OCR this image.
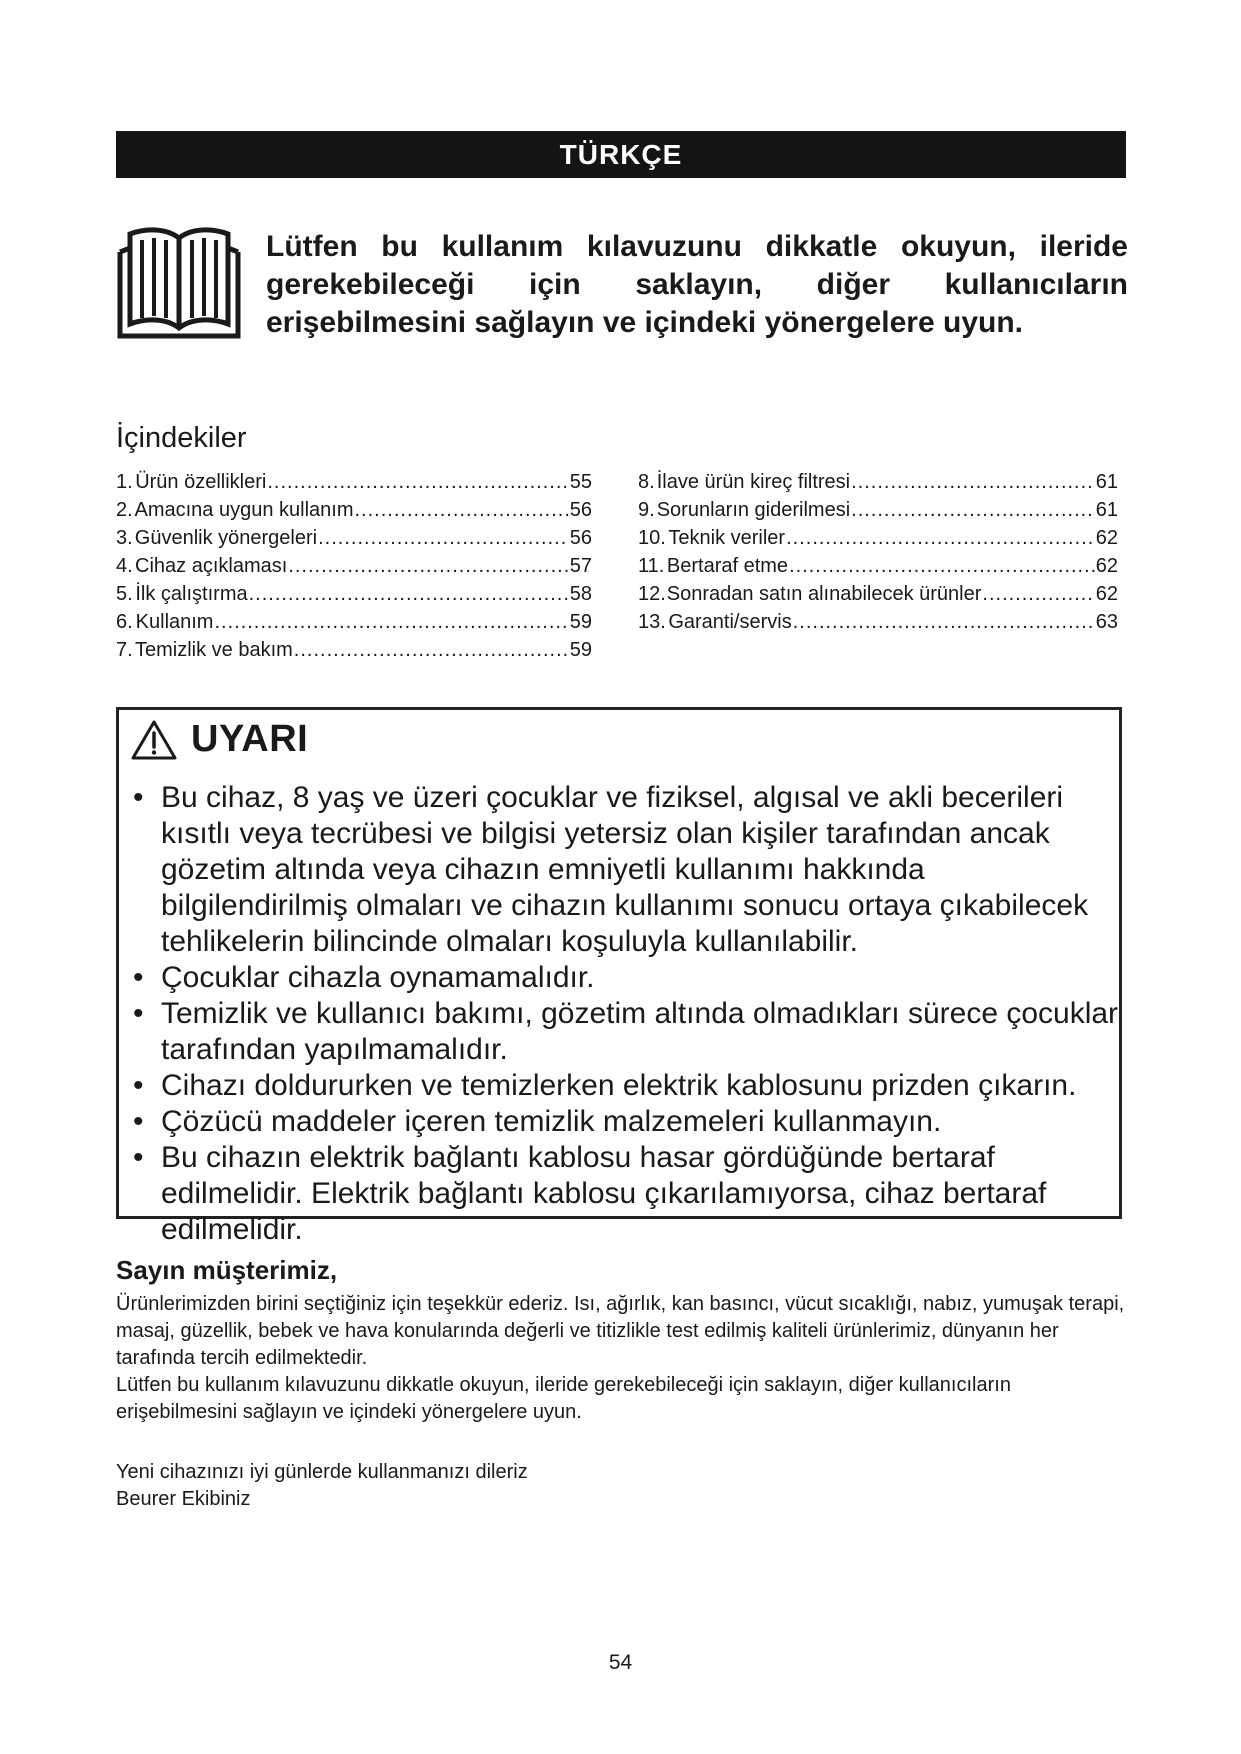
TÜRKÇE
Lütfen bu kullanım kılavuzunu dikkatle okuyun, ileride gerekebileceği için saklayın, diğer kullanıcıların erişebilmesini sağlayın ve içindeki yönergelere uyun.
İçindekiler
1. Ürün özellikleri .....	55
2. Amacına uygun kullanım .....	56
3. Güvenlik yönergeleri .....	56
4. Cihaz açıklaması .....	57
5. İlk çalıştırma .....	58
6. Kullanım .....	59
7. Temizlik ve bakım .....	59
8. İlave ürün kireç filtresi .....	61
9. Sorunların giderilmesi .....	61
10. Teknik veriler .....	62
11. Bertaraf etme .....	62
12. Sonradan satın alınabilecek ürünler .....	62
13. Garanti/servis .....	63
UYARI
• Bu cihaz, 8 yaş ve üzeri çocuklar ve fiziksel, algısal ve akli becerileri kısıtlı veya tecrübesi ve bilgisi yetersiz olan kişiler tarafından ancak gözetim altında veya cihazın emniyetli kullanımı hakkında bilgilendirilmiş olmaları ve cihazın kullanımı sonucu ortaya çıkabilecek tehlikelerin bilincinde olmaları koşuluyla kullanılabilir.
• Çocuklar cihazla oynamamalıdır.
• Temizlik ve kullanıcı bakımı, gözetim altında olmadıkları sürece çocuklar tarafından yapılmamalıdır.
• Cihazı doldururken ve temizlerken elektrik kablosunu prizden çıkarın.
• Çözücü maddeler içeren temizlik malzemeleri kullanmayın.
• Bu cihazın elektrik bağlantı kablosu hasar gördüğünde bertaraf edilmelidir. Elektrik bağlantı kablosu çıkarılamıyorsa, cihaz bertaraf edilmelidir.
Sayın müşterimiz,
Ürünlerimizden birini seçtiğiniz için teşekkür ederiz. Isı, ağırlık, kan basıncı, vücut sıcaklığı, nabız, yumuşak terapi, masaj, güzellik, bebek ve hava konularında değerli ve titizlikle test edilmiş kaliteli ürünlerimiz, dünyanın her tarafında tercih edilmektedir.
Lütfen bu kullanım kılavuzunu dikkatle okuyun, ileride gerekebileceği için saklayın, diğer kullanıcıların erişebilmesini sağlayın ve içindeki yönergelere uyun.
Yeni cihazınızı iyi günlerde kullanmanızı dileriz
Beurer Ekibiniz
54
